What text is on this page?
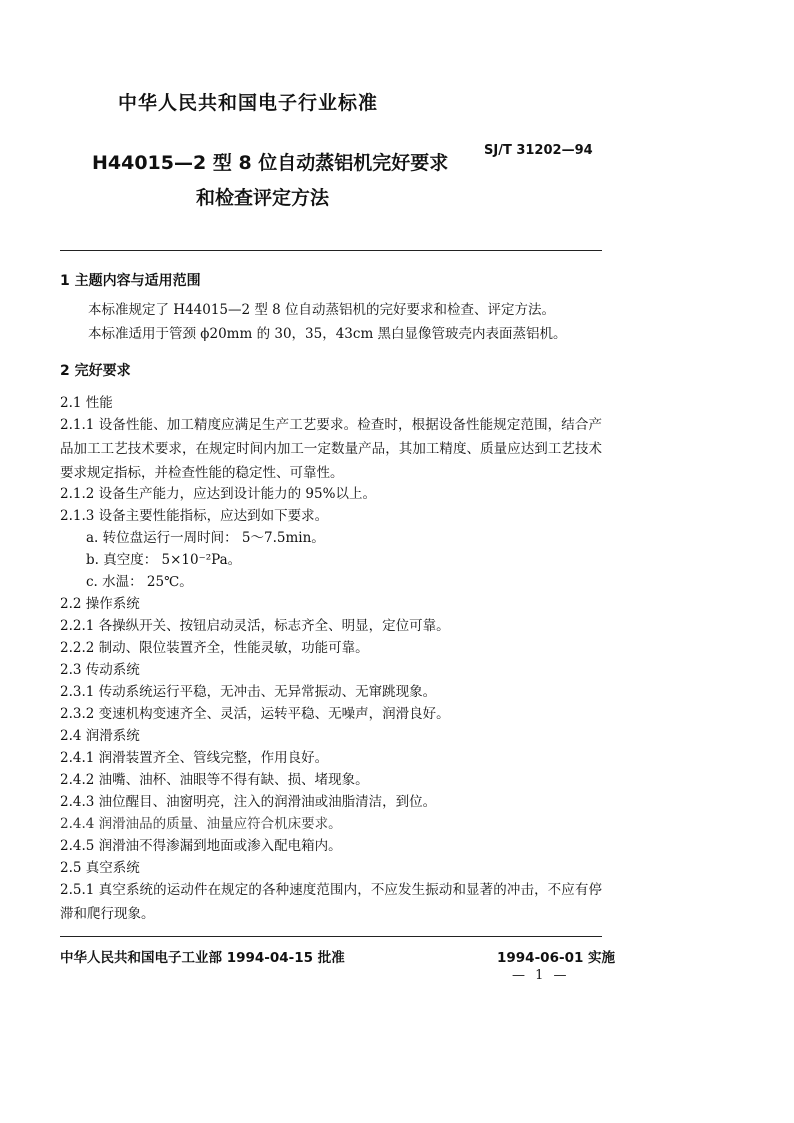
中华人民共和国电子行业标准
H44015—2 型 8 位自动蒸铝机完好要求
和检查评定方法
SJ/T 31202—94
1 主题内容与适用范围
本标准规定了 H44015—2 型 8 位自动蒸铝机的完好要求和检查、评定方法。
本标准适用于管颈 ϕ20mm 的 30，35，43cm 黑白显像管玻壳内表面蒸铝机。
2 完好要求
2.1 性能
2.1.1 设备性能、加工精度应满足生产工艺要求。检查时，根据设备性能规定范围，结合产品加工工艺技术要求，在规定时间内加工一定数量产品，其加工精度、质量应达到工艺技术要求规定指标，并检查性能的稳定性、可靠性。
2.1.2 设备生产能力，应达到设计能力的 95%以上。
2.1.3 设备主要性能指标，应达到如下要求。
a. 转位盘运行一周时间： 5～7.5min。
b. 真空度： 5×10⁻²Pa。
c. 水温： 25℃。
2.2 操作系统
2.2.1 各操纵开关、按钮启动灵活，标志齐全、明显，定位可靠。
2.2.2 制动、限位装置齐全，性能灵敏，功能可靠。
2.3 传动系统
2.3.1 传动系统运行平稳，无冲击、无异常振动、无窜跳现象。
2.3.2 变速机构变速齐全、灵活，运转平稳、无噪声，润滑良好。
2.4 润滑系统
2.4.1 润滑装置齐全、管线完整，作用良好。
2.4.2 油嘴、油杯、油眼等不得有缺、损、堵现象。
2.4.3 油位醒目、油窗明亮，注入的润滑油或油脂清洁，到位。
2.4.4 润滑油品的质量、油量应符合机床要求。
2.4.5 润滑油不得渗漏到地面或渗入配电箱内。
2.5 真空系统
2.5.1 真空系统的运动件在规定的各种速度范围内，不应发生振动和显著的冲击，不应有停滞和爬行现象。
中华人民共和国电子工业部 1994-04-15 批准	1994-06-01 实施
— 1 —
